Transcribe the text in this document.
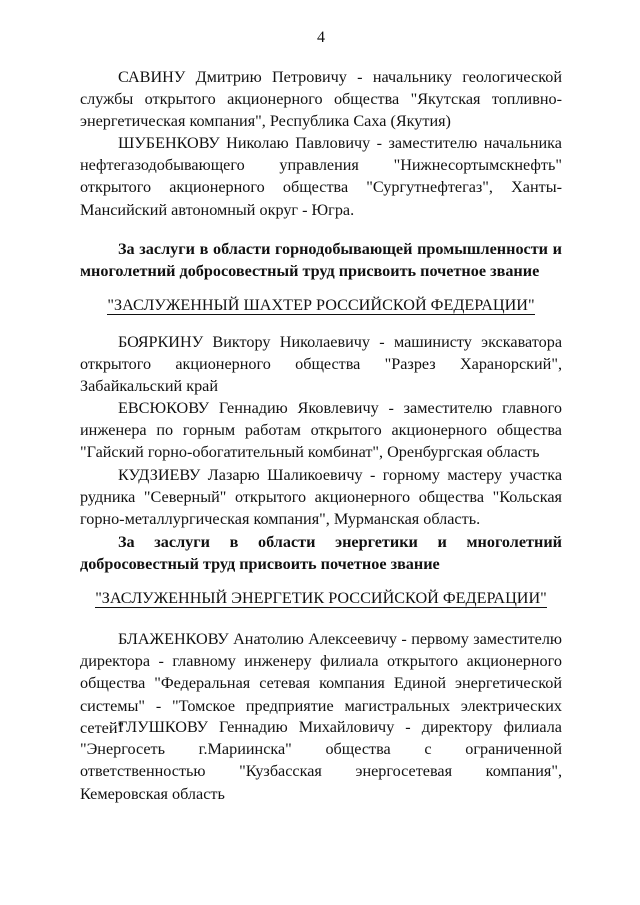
4

САВИНУ Дмитрию Петровичу - начальнику геологической службы открытого акционерного общества "Якутская топливно-энергетическая компания", Республика Саха (Якутия)

ШУБЕНКОВУ Николаю Павловичу - заместителю начальника нефтегазодобывающего управления "Нижнесортымскнефть" открытого акционерного общества "Сургутнефтегаз", Ханты-Мансийский автономный округ - Югра.

За заслуги в области горнодобывающей промышленности и многолетний добросовестный труд присвоить почетное звание

"ЗАСЛУЖЕННЫЙ ШАХТЕР РОССИЙСКОЙ ФЕДЕРАЦИИ"

БОЯРКИНУ Виктору Николаевичу - машинисту экскаватора открытого акционерного общества "Разрез Харанорский", Забайкальский край

ЕВСЮКОВУ Геннадию Яковлевичу - заместителю главного инженера по горным работам открытого акционерного общества "Гайский горно-обогатительный комбинат", Оренбургская область

КУДЗИЕВУ Лазарю Шаликоевичу - горному мастеру участка рудника "Северный" открытого акционерного общества "Кольская горно-металлургическая компания", Мурманская область.

За заслуги в области энергетики и многолетний добросовестный труд присвоить почетное звание

"ЗАСЛУЖЕННЫЙ ЭНЕРГЕТИК РОССИЙСКОЙ ФЕДЕРАЦИИ"

БЛАЖЕНКОВУ Анатолию Алексеевичу - первому заместителю директора - главному инженеру филиала открытого акционерного общества "Федеральная сетевая компания Единой энергетической системы" - "Томское предприятие магистральных электрических сетей"

ГЛУШКОВУ Геннадию Михайловичу - директору филиала "Энергосеть г.Мариинска" общества с ограниченной ответственностью "Кузбасская энергосетевая компания", Кемеровская область
